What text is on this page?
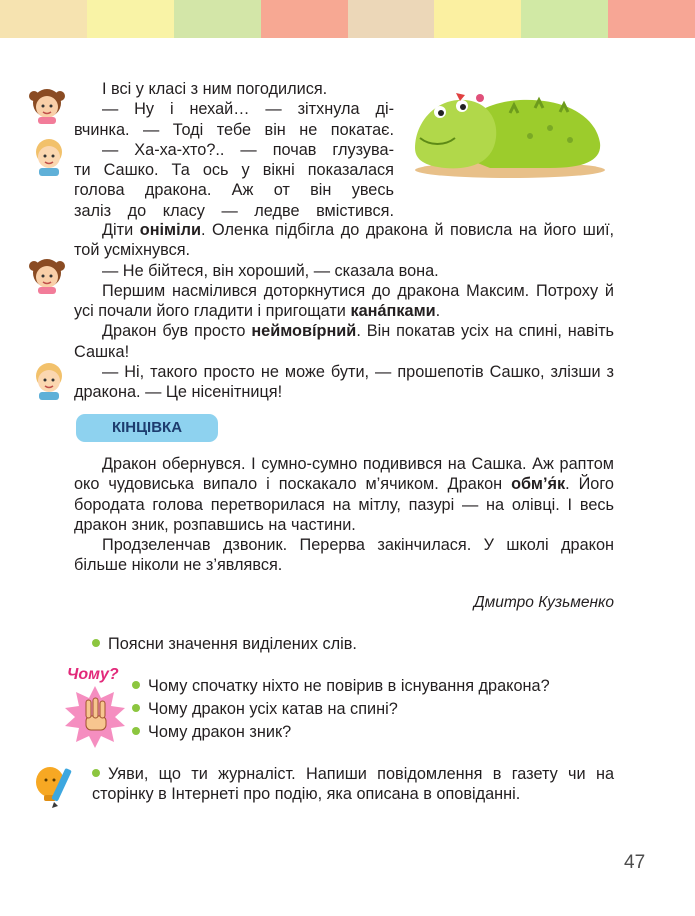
І всі у класі з ним погодилися.
— Ну і нехай… — зітхнула ді-
вчинка. — Тоді тебе він не покатає.
— Ха-ха-хто?.. — почав глузува-
ти Сашко. Та ось у вікні показалася
голова дракона. Аж от він увесь
заліз до класу — ледве вмістився.
Діти оніміли. Оленка підбігла до дракона й повисла на його шиї, той усміхнувся.
— Не бійтеся, він хороший, — сказала вона.
Першим насмілився доторкнутися до дракона Максим. Потроху й усі почали його гладити і пригощати канáпками.
Дракон був просто неймовíрний. Він покатав усіх на спині, навіть Сашка!
— Ні, такого просто не може бути, — прошепотів Сашко, злізши з дракона. — Це нісенітниця!
КІНЦІВКА
Дракон обернувся. І сумно-сумно подивився на Сашка. Аж раптом око чудовиська випало і поскакало м’ячиком. Дракон обм’я́к. Його бородата голова перетворилася на мітлу, пазурі — на олівці. І весь дракон зник, розпавшись на частини.
Продзеленчав дзвоник. Перерва закінчилася. У школі дракон більше ніколи не з’являвся.
Дмитро Кузьменко
Поясни значення виділених слів.
Чому?
Чому спочатку ніхто не повірив в існування дракона?
Чому дракон усіх катав на спині?
Чому дракон зник?
Уяви, що ти журналіст. Напиши повідомлення в газету чи на сторінку в Інтернеті про подію, яка описана в оповіданні.
47
